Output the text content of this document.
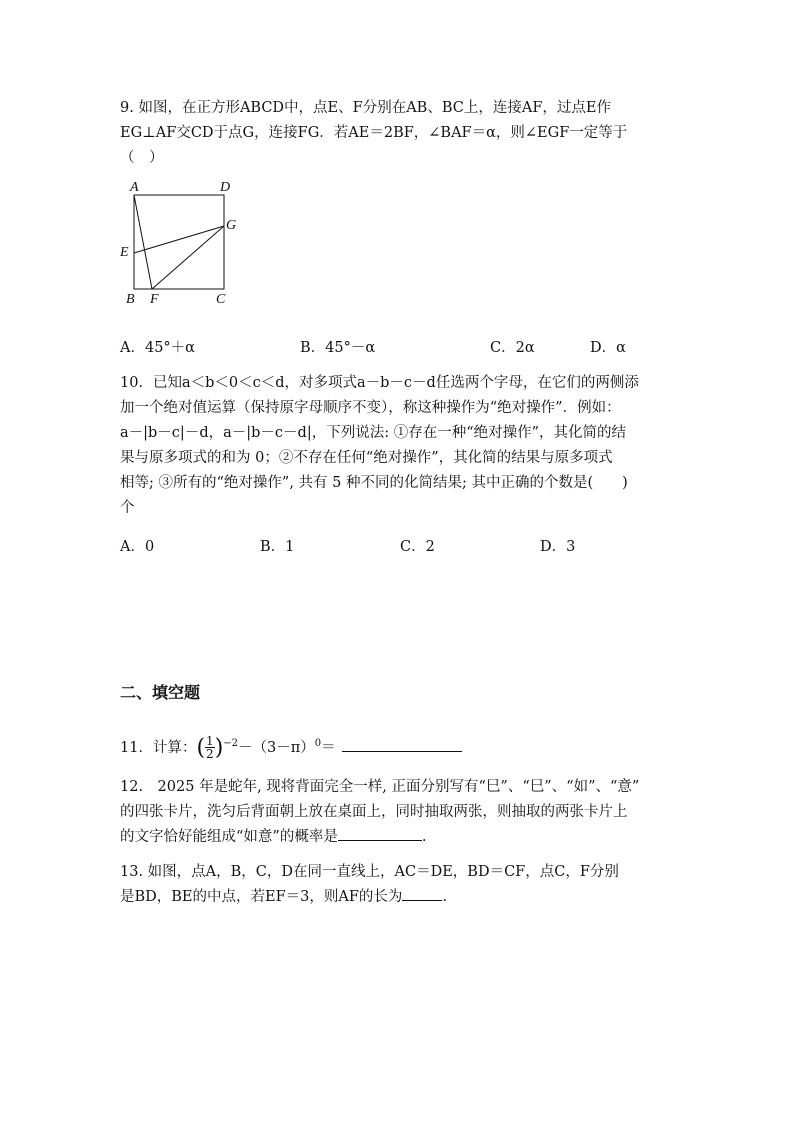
9. 如图，在正方形ABCD中，点E、F分别在AB、BC上，连接AF，过点E作

EG⊥AF交CD于点G，连接FG．若AE＝2BF，∠BAF＝α，则∠EGF一定等于

（　）

A	D
G
E
B F	C
A．45°＋α	B．45°－α	C．2α	D．α

10．已知a＜b＜0＜c＜d，对多项式a－b－c－d任选两个字母，在它们的两侧添

加一个绝对值运算（保持原字母顺序不变），称这种操作为“绝对操作”．例如：

a－|b－c|－d，a－|b－c－d|，下列说法: ①存在一种“绝对操作”，其化简的结

果与原多项式的和为 0；②不存在任何“绝对操作”，其化简的结果与原多项式

相等; ③所有的“绝对操作”, 共有 5 种不同的化简结果; 其中正确的个数是(　　)

个

A．0	B．1	C．2	D．3
二、填空题

11．计算：( $\frac{1}{2} )^{-2}-(3-\pi)^0=$

12.　2025 年是蛇年, 现将背面完全一样, 正面分别写有“巳”、“巳”、“如”、“意”

的四张卡片，洗匀后背面朝上放在桌面上，同时抽取两张，则抽取的两张卡片上

的文字恰好能组成“如意”的概率是	.

13. 如图，点A，B，C，D在同一直线上，AC＝DE，BD＝CF，点C，F分别

是BD，BE的中点，若EF＝3，则AF的长为	.
